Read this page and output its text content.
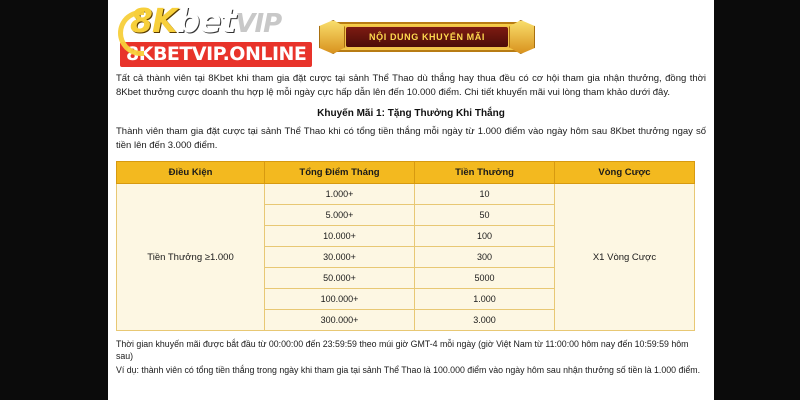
8KbetVIP
8KBETVIP.ONLINE
NỘI DUNG KHUYẾN MÃI

Tất cả thành viên tại 8Kbet khi tham gia đặt cược tại sảnh Thể Thao dù thắng hay thua đều có cơ hội tham gia nhận thưởng, đồng thời 8Kbet thưởng cược doanh thu hợp lệ mỗi ngày cực hấp dẫn lên đến 10.000 điểm. Chi tiết khuyến mãi vui lòng tham khảo dưới đây.

Khuyến Mãi 1: Tặng Thưởng Khi Thắng

Thành viên tham gia đặt cược tại sảnh Thể Thao khi có tổng tiền thắng mỗi ngày từ 1.000 điểm vào ngày hôm sau 8Kbet thưởng ngay số tiền lên đến 3.000 điểm.

Điều Kiện	Tổng Điểm Tháng	Tiền Thưởng	Vòng Cược
Tiền Thưởng ≥1.000	1.000+	10	X1 Vòng Cược
	5.000+	50	
	10.000+	100	
	30.000+	300	
	50.000+	5000	
	100.000+	1.000	
	300.000+	3.000	

Thời gian khuyến mãi được bắt đầu từ 00:00:00 đến 23:59:59 theo múi giờ GMT-4 mỗi ngày (giờ Việt Nam từ 11:00:00 hôm nay đến 10:59:59 hôm sau)

Ví dụ: thành viên có tổng tiền thắng trong ngày khi tham gia tại sảnh Thể Thao là 100.000 điểm vào ngày hôm sau nhận thưởng số tiền là 1.000 điểm.
